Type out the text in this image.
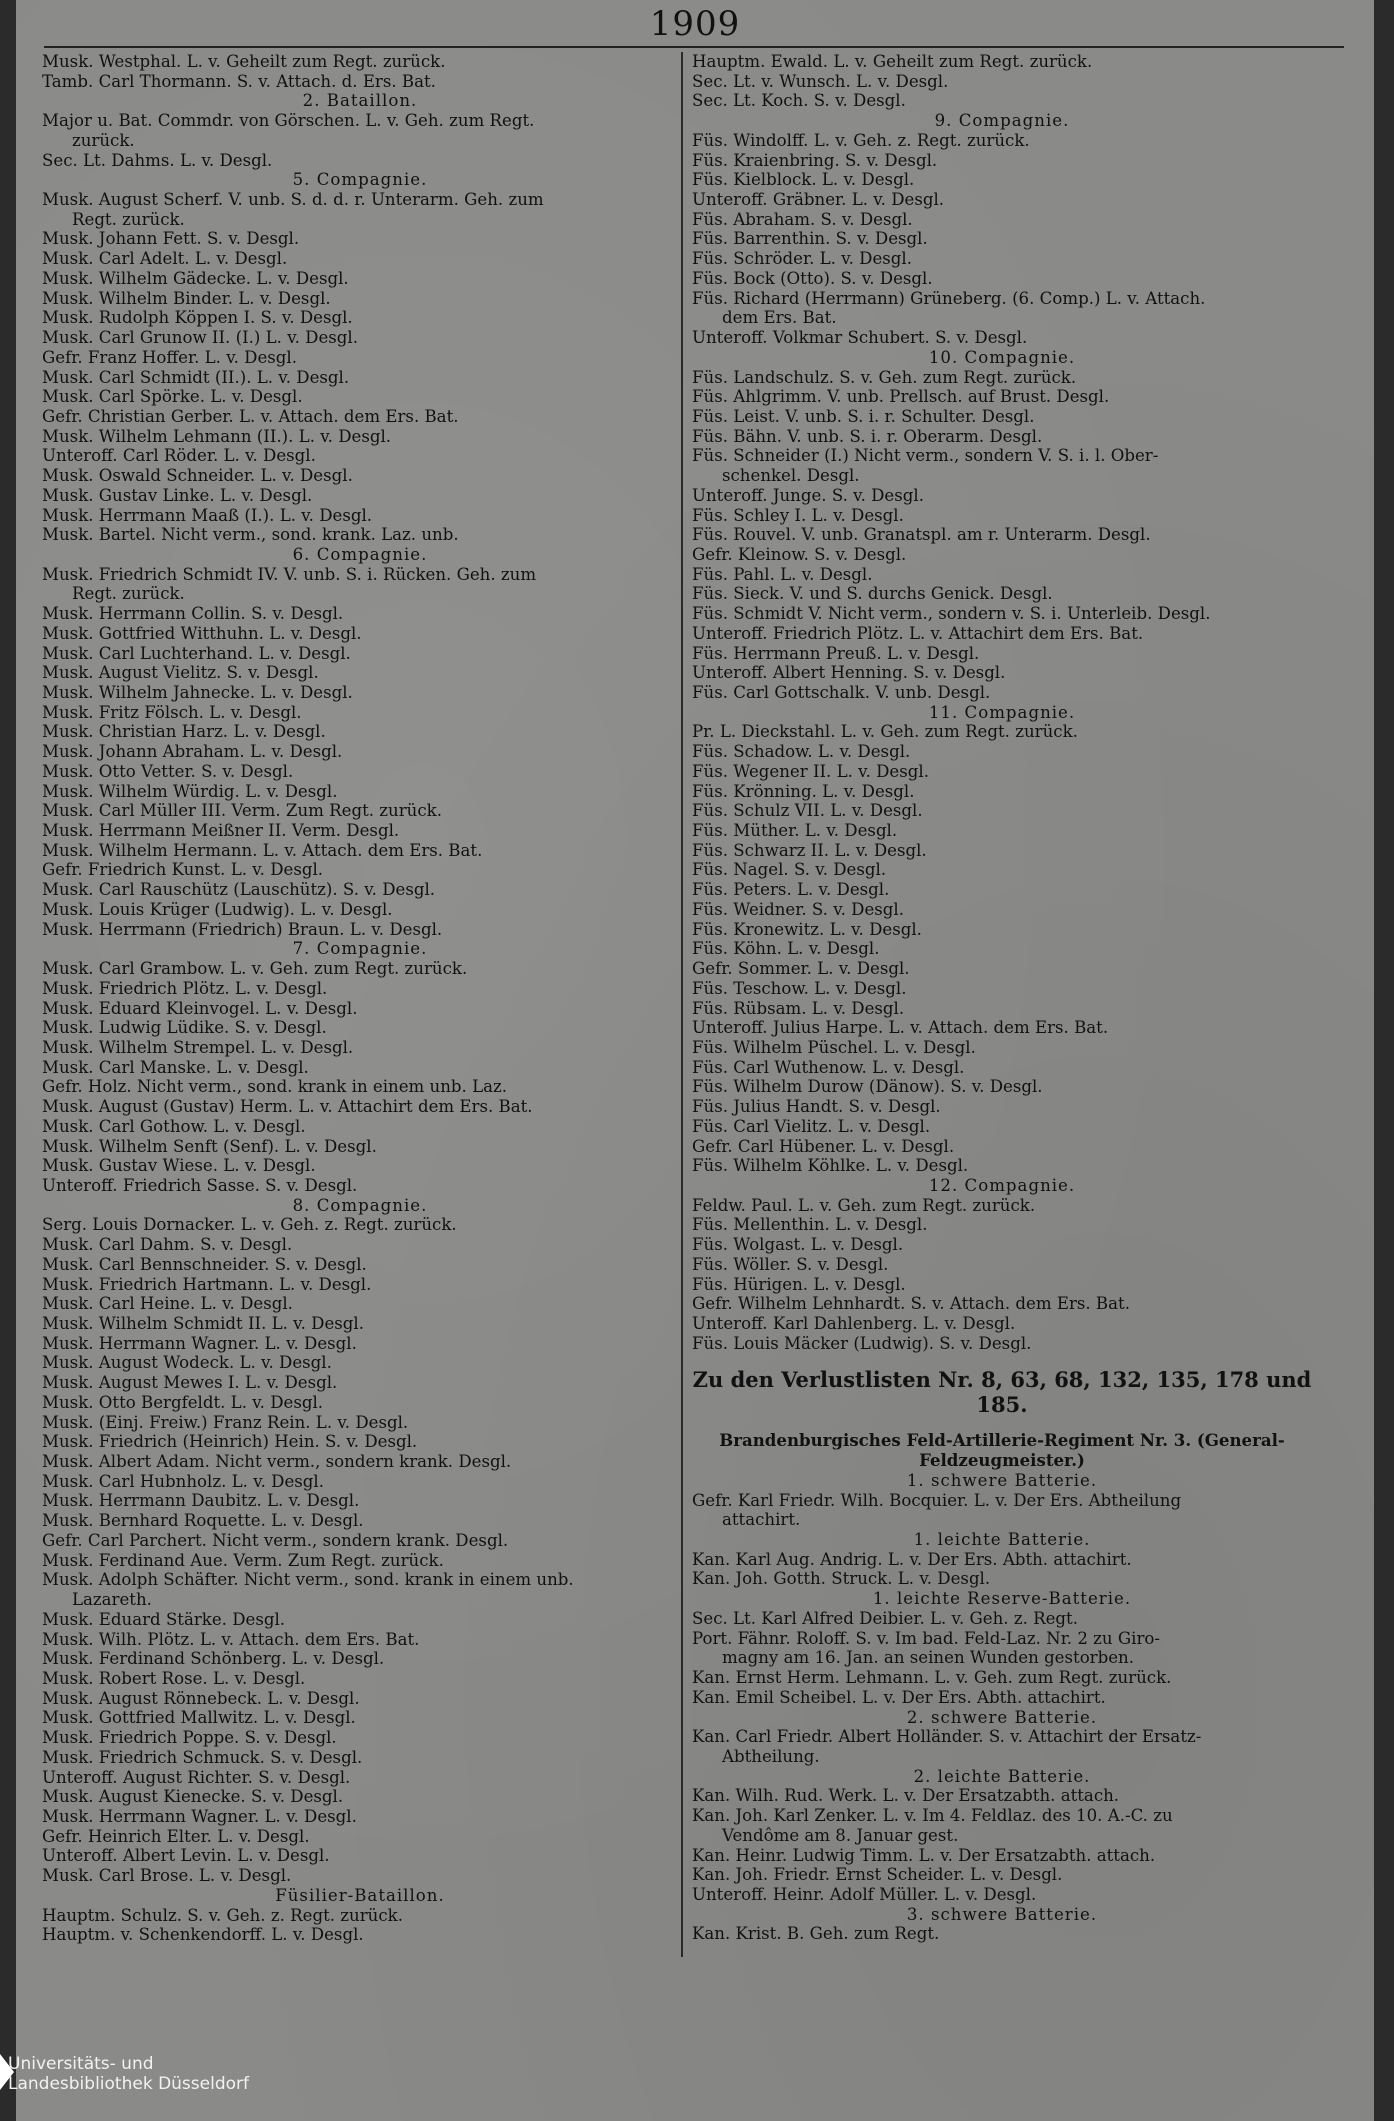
1909
Musk. Westphal. L. v. Geheilt zum Regt. zurück.
Tamb. Carl Thormann. S. v. Attach. d. Ers. Bat.
2. Bataillon.
Major u. Bat. Commdr. von Görschen. L. v. Geh. zum Regt.
zurück.
Sec. Lt. Dahms. L. v. Desgl.
5. Compagnie.
Musk. August Scherf. V. unb. S. d. d. r. Unterarm. Geh. zum
Regt. zurück.
Musk. Johann Fett. S. v. Desgl.
Musk. Carl Adelt. L. v. Desgl.
Musk. Wilhelm Gädecke. L. v. Desgl.
Musk. Wilhelm Binder. L. v. Desgl.
Musk. Rudolph Köppen I. S. v. Desgl.
Musk. Carl Grunow II. (I.) L. v. Desgl.
Gefr. Franz Hoffer. L. v. Desgl.
Musk. Carl Schmidt (II.). L. v. Desgl.
Musk. Carl Spörke. L. v. Desgl.
Gefr. Christian Gerber. L. v. Attach. dem Ers. Bat.
Musk. Wilhelm Lehmann (II.). L. v. Desgl.
Unteroff. Carl Röder. L. v. Desgl.
Musk. Oswald Schneider. L. v. Desgl.
Musk. Gustav Linke. L. v. Desgl.
Musk. Herrmann Maaß (I.). L. v. Desgl.
Musk. Bartel. Nicht verm., sond. krank. Laz. unb.
6. Compagnie.
Musk. Friedrich Schmidt IV. V. unb. S. i. Rücken. Geh. zum
Regt. zurück.
Musk. Herrmann Collin. S. v. Desgl.
Musk. Gottfried Witthuhn. L. v. Desgl.
Musk. Carl Luchterhand. L. v. Desgl.
Musk. August Vielitz. S. v. Desgl.
Musk. Wilhelm Jahnecke. L. v. Desgl.
Musk. Fritz Fölsch. L. v. Desgl.
Musk. Christian Harz. L. v. Desgl.
Musk. Johann Abraham. L. v. Desgl.
Musk. Otto Vetter. S. v. Desgl.
Musk. Wilhelm Würdig. L. v. Desgl.
Musk. Carl Müller III. Verm. Zum Regt. zurück.
Musk. Herrmann Meißner II. Verm. Desgl.
Musk. Wilhelm Hermann. L. v. Attach. dem Ers. Bat.
Gefr. Friedrich Kunst. L. v. Desgl.
Musk. Carl Rauschütz (Lauschütz). S. v. Desgl.
Musk. Louis Krüger (Ludwig). L. v. Desgl.
Musk. Herrmann (Friedrich) Braun. L. v. Desgl.
7. Compagnie.
Musk. Carl Grambow. L. v. Geh. zum Regt. zurück.
Musk. Friedrich Plötz. L. v. Desgl.
Musk. Eduard Kleinvogel. L. v. Desgl.
Musk. Ludwig Lüdike. S. v. Desgl.
Musk. Wilhelm Strempel. L. v. Desgl.
Musk. Carl Manske. L. v. Desgl.
Gefr. Holz. Nicht verm., sond. krank in einem unb. Laz.
Musk. August (Gustav) Herm. L. v. Attachirt dem Ers. Bat.
Musk. Carl Gothow. L. v. Desgl.
Musk. Wilhelm Senft (Senf). L. v. Desgl.
Musk. Gustav Wiese. L. v. Desgl.
Unteroff. Friedrich Sasse. S. v. Desgl.
8. Compagnie.
Serg. Louis Dornacker. L. v. Geh. z. Regt. zurück.
Musk. Carl Dahm. S. v. Desgl.
Musk. Carl Bennschneider. S. v. Desgl.
Musk. Friedrich Hartmann. L. v. Desgl.
Musk. Carl Heine. L. v. Desgl.
Musk. Wilhelm Schmidt II. L. v. Desgl.
Musk. Herrmann Wagner. L. v. Desgl.
Musk. August Wodeck. L. v. Desgl.
Musk. August Mewes I. L. v. Desgl.
Musk. Otto Bergfeldt. L. v. Desgl.
Musk. (Einj. Freiw.) Franz Rein. L. v. Desgl.
Musk. Friedrich (Heinrich) Hein. S. v. Desgl.
Musk. Albert Adam. Nicht verm., sondern krank. Desgl.
Musk. Carl Hubnholz. L. v. Desgl.
Musk. Herrmann Daubitz. L. v. Desgl.
Musk. Bernhard Roquette. L. v. Desgl.
Gefr. Carl Parchert. Nicht verm., sondern krank. Desgl.
Musk. Ferdinand Aue. Verm. Zum Regt. zurück.
Musk. Adolph Schäfter. Nicht verm., sond. krank in einem unb.
Lazareth.
Musk. Eduard Stärke. Desgl.
Musk. Wilh. Plötz. L. v. Attach. dem Ers. Bat.
Musk. Ferdinand Schönberg. L. v. Desgl.
Musk. Robert Rose. L. v. Desgl.
Musk. August Rönnebeck. L. v. Desgl.
Musk. Gottfried Mallwitz. L. v. Desgl.
Musk. Friedrich Poppe. S. v. Desgl.
Musk. Friedrich Schmuck. S. v. Desgl.
Unteroff. August Richter. S. v. Desgl.
Musk. August Kienecke. S. v. Desgl.
Musk. Herrmann Wagner. L. v. Desgl.
Gefr. Heinrich Elter. L. v. Desgl.
Unteroff. Albert Levin. L. v. Desgl.
Musk. Carl Brose. L. v. Desgl.
Füsilier-Bataillon.
Hauptm. Schulz. S. v. Geh. z. Regt. zurück.
Hauptm. v. Schenkendorff. L. v. Desgl.
Hauptm. Ewald. L. v. Geheilt zum Regt. zurück.
Sec. Lt. v. Wunsch. L. v. Desgl.
Sec. Lt. Koch. S. v. Desgl.
9. Compagnie.
Füs. Windolff. L. v. Geh. z. Regt. zurück.
Füs. Kraienbring. S. v. Desgl.
Füs. Kielblock. L. v. Desgl.
Unteroff. Gräbner. L. v. Desgl.
Füs. Abraham. S. v. Desgl.
Füs. Barrenthin. S. v. Desgl.
Füs. Schröder. L. v. Desgl.
Füs. Bock (Otto). S. v. Desgl.
Füs. Richard (Herrmann) Grüneberg. (6. Comp.) L. v. Attach.
dem Ers. Bat.
Unteroff. Volkmar Schubert. S. v. Desgl.
10. Compagnie.
Füs. Landschulz. S. v. Geh. zum Regt. zurück.
Füs. Ahlgrimm. V. unb. Prellsch. auf Brust. Desgl.
Füs. Leist. V. unb. S. i. r. Schulter. Desgl.
Füs. Bähn. V. unb. S. i. r. Oberarm. Desgl.
Füs. Schneider (I.) Nicht verm., sondern V. S. i. l. Ober-
schenkel. Desgl.
Unteroff. Junge. S. v. Desgl.
Füs. Schley I. L. v. Desgl.
Füs. Rouvel. V. unb. Granatspl. am r. Unterarm. Desgl.
Gefr. Kleinow. S. v. Desgl.
Füs. Pahl. L. v. Desgl.
Füs. Sieck. V. und S. durchs Genick. Desgl.
Füs. Schmidt V. Nicht verm., sondern v. S. i. Unterleib. Desgl.
Unteroff. Friedrich Plötz. L. v. Attachirt dem Ers. Bat.
Füs. Herrmann Preuß. L. v. Desgl.
Unteroff. Albert Henning. S. v. Desgl.
Füs. Carl Gottschalk. V. unb. Desgl.
11. Compagnie.
Pr. L. Dieckstahl. L. v. Geh. zum Regt. zurück.
Füs. Schadow. L. v. Desgl.
Füs. Wegener II. L. v. Desgl.
Füs. Krönning. L. v. Desgl.
Füs. Schulz VII. L. v. Desgl.
Füs. Müther. L. v. Desgl.
Füs. Schwarz II. L. v. Desgl.
Füs. Nagel. S. v. Desgl.
Füs. Peters. L. v. Desgl.
Füs. Weidner. S. v. Desgl.
Füs. Kronewitz. L. v. Desgl.
Füs. Köhn. L. v. Desgl.
Gefr. Sommer. L. v. Desgl.
Füs. Teschow. L. v. Desgl.
Füs. Rübsam. L. v. Desgl.
Unteroff. Julius Harpe. L. v. Attach. dem Ers. Bat.
Füs. Wilhelm Püschel. L. v. Desgl.
Füs. Carl Wuthenow. L. v. Desgl.
Füs. Wilhelm Durow (Dänow). S. v. Desgl.
Füs. Julius Handt. S. v. Desgl.
Füs. Carl Vielitz. L. v. Desgl.
Gefr. Carl Hübener. L. v. Desgl.
Füs. Wilhelm Köhlke. L. v. Desgl.
12. Compagnie.
Feldw. Paul. L. v. Geh. zum Regt. zurück.
Füs. Mellenthin. L. v. Desgl.
Füs. Wolgast. L. v. Desgl.
Füs. Wöller. S. v. Desgl.
Füs. Hürigen. L. v. Desgl.
Gefr. Wilhelm Lehnhardt. S. v. Attach. dem Ers. Bat.
Unteroff. Karl Dahlenberg. L. v. Desgl.
Füs. Louis Mäcker (Ludwig). S. v. Desgl.
Zu den Verlustlisten Nr. 8, 63, 68, 132, 135, 178 und 185.
Brandenburgisches Feld-Artillerie-Regiment Nr. 3. (General-Feldzeugmeister.)
1. schwere Batterie.
Gefr. Karl Friedr. Wilh. Bocquier. L. v. Der Ers. Abtheilung
attachirt.
1. leichte Batterie.
Kan. Karl Aug. Andrig. L. v. Der Ers. Abth. attachirt.
Kan. Joh. Gotth. Struck. L. v. Desgl.
1. leichte Reserve-Batterie.
Sec. Lt. Karl Alfred Deibier. L. v. Geh. z. Regt.
Port. Fähnr. Roloff. S. v. Im bad. Feld-Laz. Nr. 2 zu Giro-
magny am 16. Jan. an seinen Wunden gestorben.
Kan. Ernst Herm. Lehmann. L. v. Geh. zum Regt. zurück.
Kan. Emil Scheibel. L. v. Der Ers. Abth. attachirt.
2. schwere Batterie.
Kan. Carl Friedr. Albert Holländer. S. v. Attachirt der Ersatz-
Abtheilung.
2. leichte Batterie.
Kan. Wilh. Rud. Werk. L. v. Der Ersatzabth. attach.
Kan. Joh. Karl Zenker. L. v. Im 4. Feldlaz. des 10. A.-C. zu
Vendôme am 8. Januar gest.
Kan. Heinr. Ludwig Timm. L. v. Der Ersatzabth. attach.
Kan. Joh. Friedr. Ernst Scheider. L. v. Desgl.
Unteroff. Heinr. Adolf Müller. L. v. Desgl.
3. schwere Batterie.
Kan. Krist. B. Geh. zum Regt.
Universitäts- und
Landesbibliothek Düsseldorf
